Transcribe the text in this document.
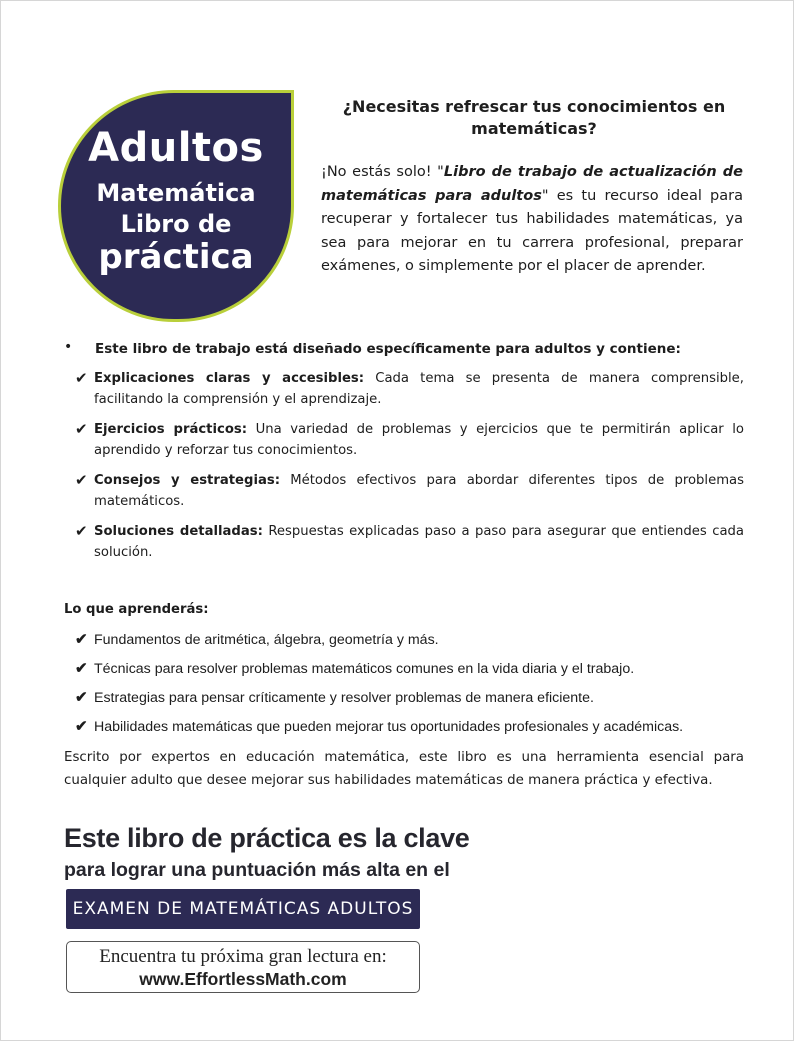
Adultos
Matemática
Libro de
práctica
¿Necesitas refrescar tus conocimientos en matemáticas?

¡No estás solo! "Libro de trabajo de actualización de matemáticas para adultos" es tu recurso ideal para recuperar y fortalecer tus habilidades matemáticas, ya sea para mejorar en tu carrera profesional, preparar exámenes, o simplemente por el placer de aprender.

• Este libro de trabajo está diseñado específicamente para adultos y contiene:
✔ Explicaciones claras y accesibles: Cada tema se presenta de manera comprensible, facilitando la comprensión y el aprendizaje.
✔ Ejercicios prácticos: Una variedad de problemas y ejercicios que te permitirán aplicar lo aprendido y reforzar tus conocimientos.
✔ Consejos y estrategias: Métodos efectivos para abordar diferentes tipos de problemas matemáticos.
✔ Soluciones detalladas: Respuestas explicadas paso a paso para asegurar que entiendes cada solución.
Lo que aprenderás:
✔ Fundamentos de aritmética, álgebra, geometría y más.
✔ Técnicas para resolver problemas matemáticos comunes en la vida diaria y el trabajo.
✔ Estrategias para pensar críticamente y resolver problemas de manera eficiente.
✔ Habilidades matemáticas que pueden mejorar tus oportunidades profesionales y académicas.

Escrito por expertos en educación matemática, este libro es una herramienta esencial para cualquier adulto que desee mejorar sus habilidades matemáticas de manera práctica y efectiva.

Este libro de práctica es la clave
para lograr una puntuación más alta en el
EXAMEN DE MATEMÁTICAS ADULTOS
Encuentra tu próxima gran lectura en:
www.EffortlessMath.com
